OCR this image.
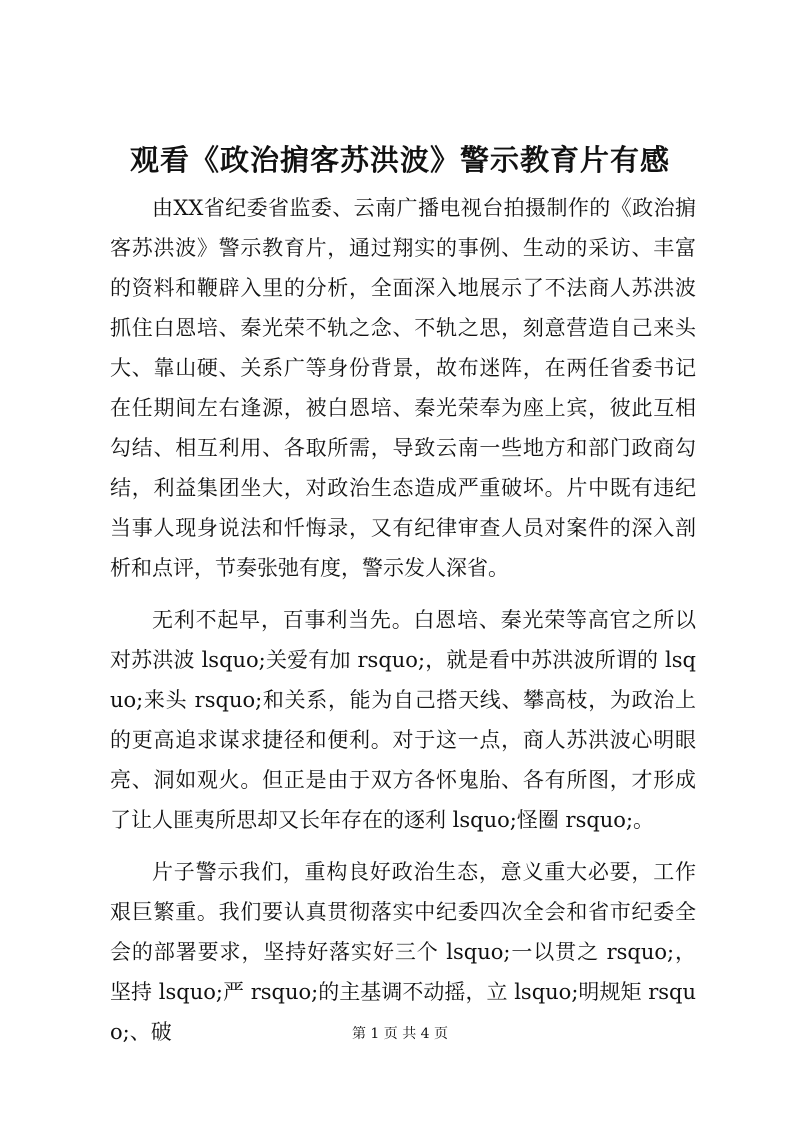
观看《政治掮客苏洪波》警示教育片有感

由XX省纪委省监委、云南广播电视台拍摄制作的《政治掮客苏洪波》警示教育片，通过翔实的事例、生动的采访、丰富的资料和鞭辟入里的分析，全面深入地展示了不法商人苏洪波抓住白恩培、秦光荣不轨之念、不轨之思，刻意营造自己来头大、靠山硬、关系广等身份背景，故布迷阵，在两任省委书记在任期间左右逢源，被白恩培、秦光荣奉为座上宾，彼此互相勾结、相互利用、各取所需，导致云南一些地方和部门政商勾结，利益集团坐大，对政治生态造成严重破坏。片中既有违纪当事人现身说法和忏悔录，又有纪律审查人员对案件的深入剖析和点评，节奏张弛有度，警示发人深省。

无利不起早，百事利当先。白恩培、秦光荣等高官之所以对苏洪波 lsquo;关爱有加 rsquo;，就是看中苏洪波所谓的 lsquo;来头 rsquo;和关系，能为自己搭天线、攀高枝，为政治上的更高追求谋求捷径和便利。对于这一点，商人苏洪波心明眼亮、洞如观火。但正是由于双方各怀鬼胎、各有所图，才形成了让人匪夷所思却又长年存在的逐利 lsquo;怪圈 rsquo;。

片子警示我们，重构良好政治生态，意义重大必要，工作艰巨繁重。我们要认真贯彻落实中纪委四次全会和省市纪委全会的部署要求，坚持好落实好三个 lsquo;一以贯之 rsquo;，坚持 lsquo;严 rsquo;的主基调不动摇，立 lsquo;明规矩 rsquo;、破	第 1 页 共 4 页
